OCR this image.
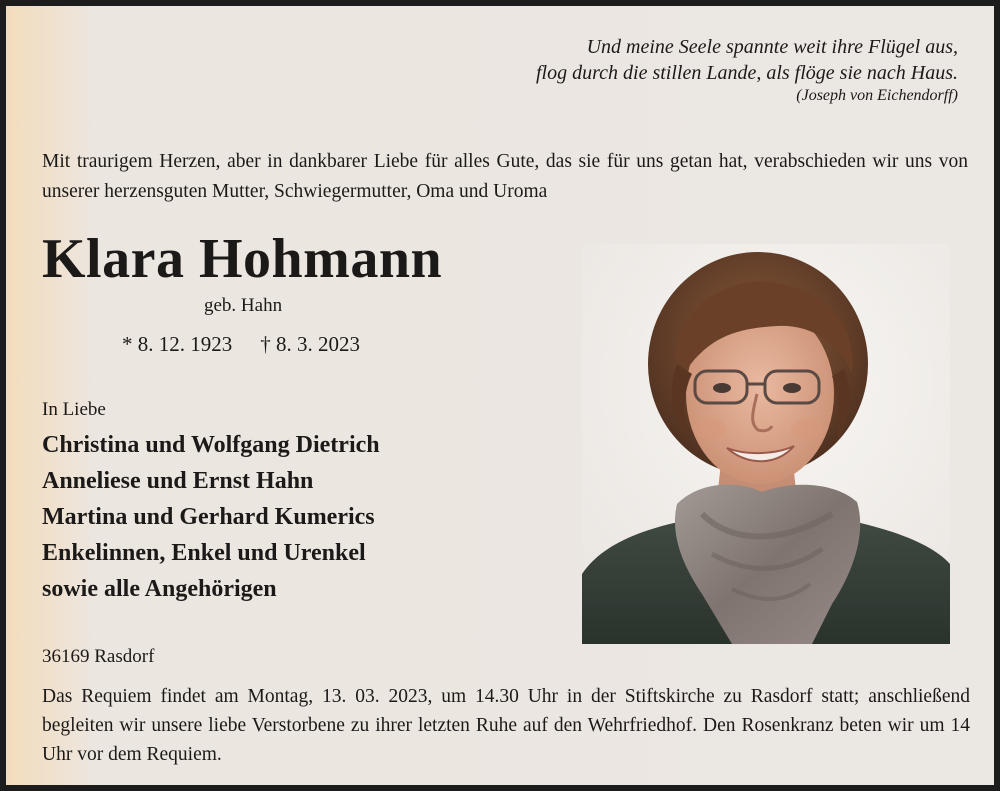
Und meine Seele spannte weit ihre Flügel aus,
flog durch die stillen Lande, als flöge sie nach Haus.
(Joseph von Eichendorff)
Mit traurigem Herzen, aber in dankbarer Liebe für alles Gute, das sie für uns getan hat, verabschieden wir uns von unserer herzensguten Mutter, Schwiegermutter, Oma und Uroma
Klara Hohmann
geb. Hahn
* 8. 12. 1923 † 8. 3. 2023
In Liebe
Christina und Wolfgang Dietrich
Anneliese und Ernst Hahn
Martina und Gerhard Kumerics
Enkelinnen, Enkel und Urenkel
sowie alle Angehörigen
36169 Rasdorf
Das Requiem findet am Montag, 13. 03. 2023, um 14.30 Uhr in der Stiftskirche zu Rasdorf statt; anschließend begleiten wir unsere liebe Verstorbene zu ihrer letzten Ruhe auf den Wehrfriedhof. Den Rosenkranz beten wir um 14 Uhr vor dem Requiem.
